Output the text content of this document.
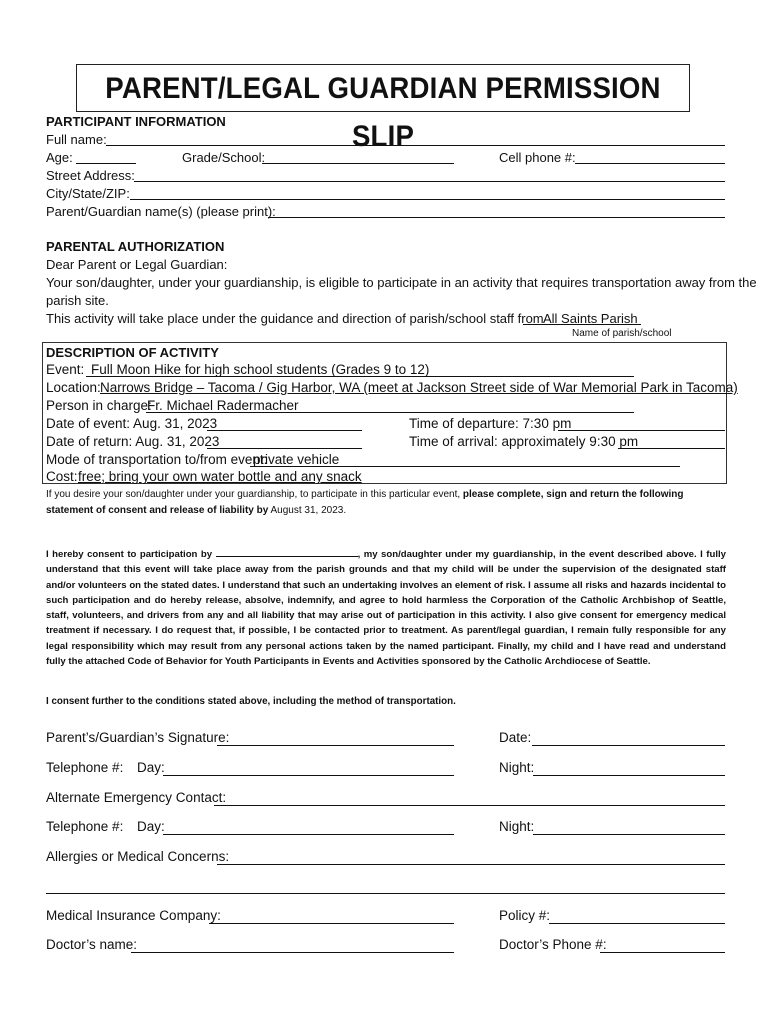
PARENT/LEGAL GUARDIAN PERMISSION SLIP
PARTICIPANT INFORMATION
Full name:
Age:	Grade/School:	Cell phone #:
Street Address:
City/State/ZIP:
Parent/Guardian name(s) (please print):
PARENTAL AUTHORIZATION
Dear Parent or Legal Guardian:
Your son/daughter, under your guardianship, is eligible to participate in an activity that requires transportation away from the
parish site.
This activity will take place under the guidance and direction of parish/school staff from All Saints Parish
Name of parish/school
DESCRIPTION OF ACTIVITY
Event: Full Moon Hike for high school students (Grades 9 to 12)
Location: Narrows Bridge – Tacoma / Gig Harbor, WA (meet at Jackson Street side of War Memorial Park in Tacoma)
Person in charge:
Fr. Michael Radermacher
Date of event: Aug. 31, 2023	Time of departure: 7:30 pm
Date of return: Aug. 31, 2023	Time of arrival: approximately 9:30 pm
Mode of transportation to/from event:
private vehicle
Cost: free; bring your own water bottle and any snack
If you desire your son/daughter under your guardianship, to participate in this particular event, please complete, sign and return the following
statement of consent and release of liability by August 31, 2023.
I hereby consent to participation by	, my son/daughter under my guardianship, in the event described above. I fully understand that this event will take place away from the parish grounds and that my child will be under the supervision of the designated staff and/or volunteers on the stated dates. I understand that such an undertaking involves an element of risk. I assume all risks and hazards incidental to such participation and do hereby release, absolve, indemnify, and agree to hold harmless the Corporation of the Catholic Archbishop of Seattle, staff, volunteers, and drivers from any and all liability that may arise out of participation in this activity. I also give consent for emergency medical treatment if necessary. I do request that, if possible, I be contacted prior to treatment. As parent/legal guardian, I remain fully responsible for any legal responsibility which may result from any personal actions taken by the named participant. Finally, my child and I have read and understand fully the attached Code of Behavior for Youth Participants in Events and Activities sponsored by the Catholic Archdiocese of Seattle.
I consent further to the conditions stated above, including the method of transportation.
Parent’s/Guardian’s Signature:	Date:
Telephone #: Day:	Night:
Alternate Emergency Contact:
Telephone #: Day:	Night:
Allergies or Medical Concerns:
Medical Insurance Company:	Policy #:
Doctor’s name:	Doctor’s Phone #:
